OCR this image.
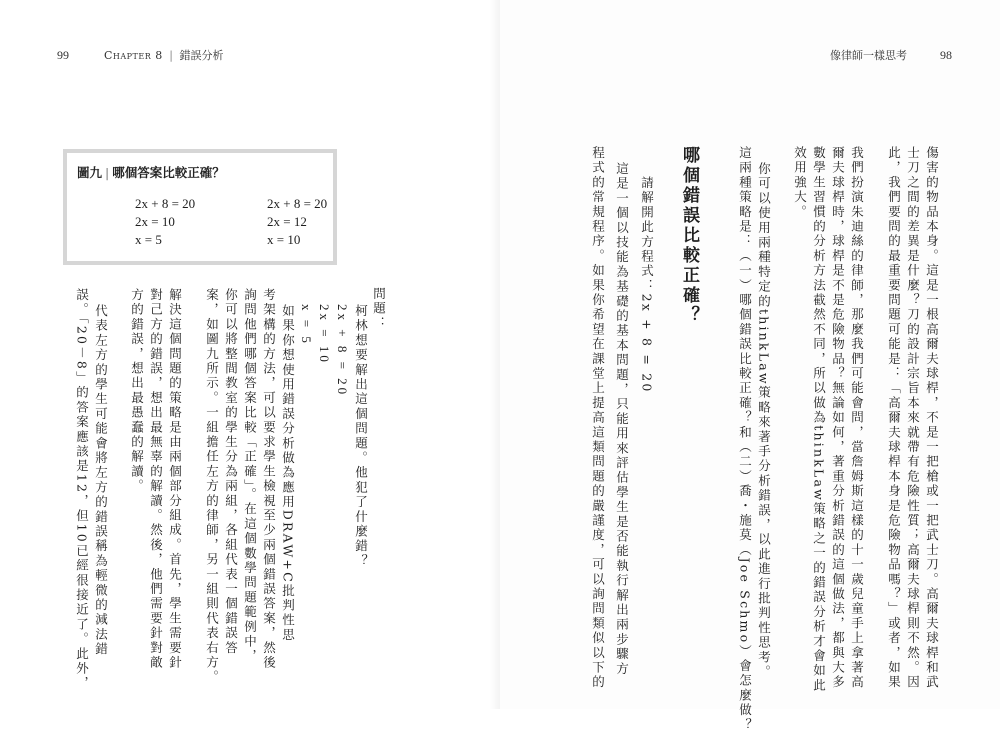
99	Chapter 8 | 錯誤分析
圖九 | 哪個答案比較正確？
2x + 8 = 20
2x = 10
x = 5
2x + 8 = 20
2x = 12
x = 10
問題：
柯林想要解出這個問題。他犯了什麼錯？
2x + 8 = 20
2x = 10
x = 5
如果你想使用錯誤分析做為應用DRAW+C批判性思
考架構的方法，可以要求學生檢視至少兩個錯誤答案，然後
詢問他們哪個答案比較「正確」。在這個數學問題範例中，
你可以將整間教室的學生分為兩組，各組代表一個錯誤答
案，如圖九所示。一組擔任左方的律師，另一組則代表右方。
解決這個問題的策略是由兩個部分組成。首先，學生需要針
對己方的錯誤，想出最無辜的解讀。然後，他們需要針對敵
方的錯誤，想出最愚蠢的解讀。
代表左方的學生可能會將左方的錯誤稱為輕微的減法錯
誤。「20－8」的答案應該是12，但10已經很接近了。此外，
像律師一樣思考	98
傷害的物品本身。這是一根高爾夫球桿，不是一把槍或一把武士刀。高爾夫球桿和武
士刀之間的差異是什麼？刀的設計宗旨本來就帶有危險性質；高爾夫球桿則不然。因
此，我們要問的最重要問題可能是：「高爾夫球桿本身是危險物品嗎？」或者，如果
我們扮演朱迪絲的律師，那麼我們可能會問，當詹姆斯這樣的十一歲兒童手上拿著高
爾夫球桿時，球桿是不是危險物品？無論如何，著重分析錯誤的這個做法，都與大多
數學生習慣的分析方法截然不同，所以做為thinkLaw策略之一的錯誤分析才會如此
效用強大。
你可以使用兩種特定的thinkLaw策略來著手分析錯誤，以此進行批判性思考。
這兩種策略是：（一）哪個錯誤比較正確？和（二）喬・施莫（Joe Schmo）會怎麼做？
哪個錯誤比較正確？
請解開此方程式：2x + 8 = 20
這是一個以技能為基礎的基本問題，只能用來評估學生是否能執行解出兩步驟方
程式的常規程序。如果你希望在課堂上提高這類問題的嚴謹度，可以詢問類似以下的
